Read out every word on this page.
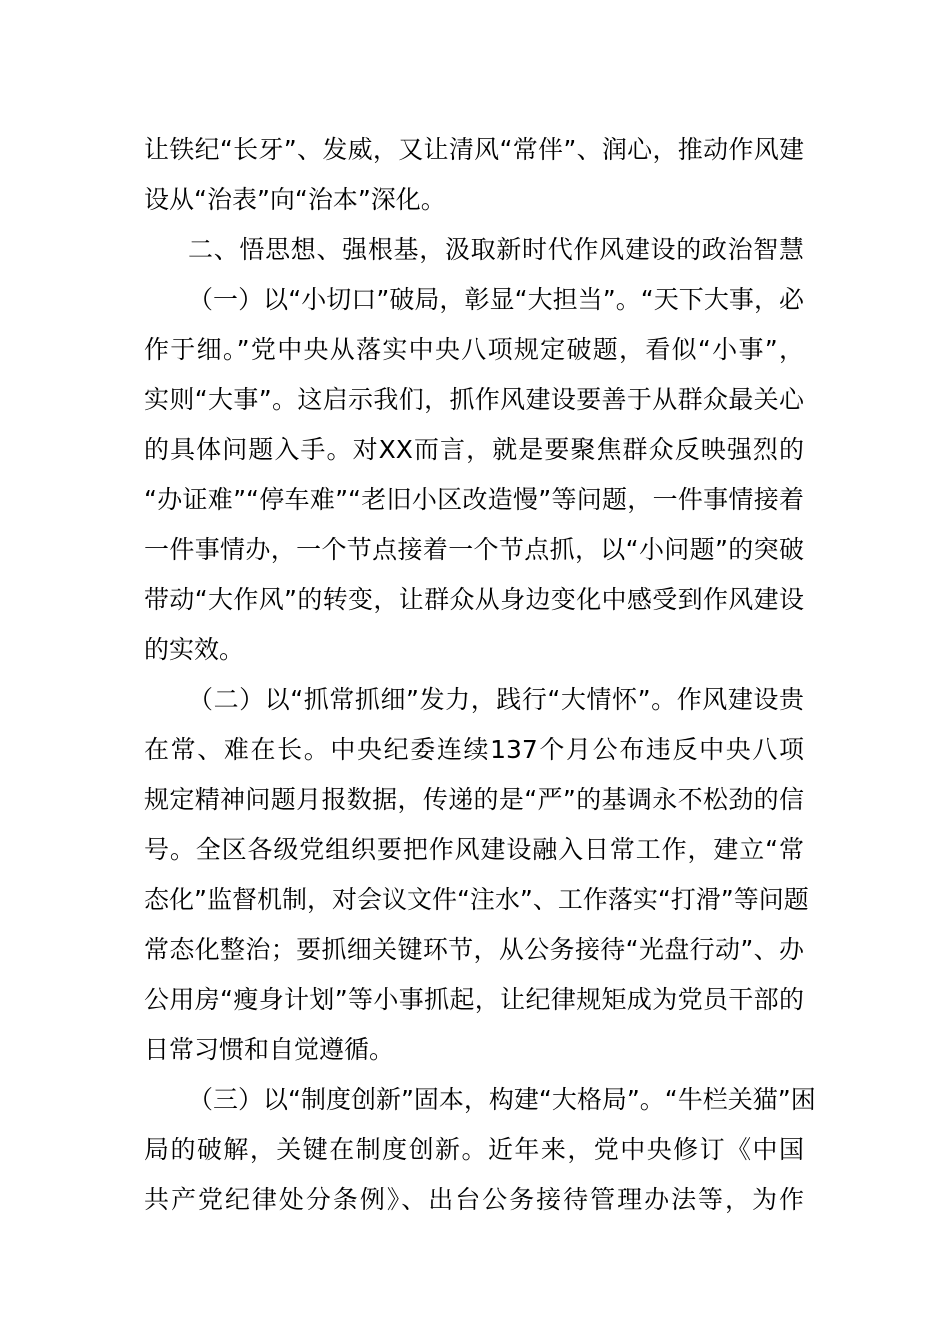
让铁纪“长牙”、发威，又让清风“常伴”、润心，推动作风建

设从“治表”向“治本”深化。

二、悟思想、强根基，汲取新时代作风建设的政治智慧

（一）以“小切口”破局，彰显“大担当”。“天下大事，必

作于细。”党中央从落实中央八项规定破题，看似“小事”，

实则“大事”。这启示我们，抓作风建设要善于从群众最关心

的具体问题入手。对XX而言，就是要聚焦群众反映强烈的

“办证难”“停车难”“老旧小区改造慢”等问题，一件事情接着

一件事情办，一个节点接着一个节点抓，以“小问题”的突破

带动“大作风”的转变，让群众从身边变化中感受到作风建设

的实效。

（二）以“抓常抓细”发力，践行“大情怀”。作风建设贵

在常、难在长。中央纪委连续137个月公布违反中央八项

规定精神问题月报数据，传递的是“严”的基调永不松劲的信

号。全区各级党组织要把作风建设融入日常工作，建立“常

态化”监督机制，对会议文件“注水”、工作落实“打滑”等问题

常态化整治；要抓细关键环节，从公务接待“光盘行动”、办

公用房“瘦身计划”等小事抓起，让纪律规矩成为党员干部的

日常习惯和自觉遵循。

（三）以“制度创新”固本，构建“大格局”。“牛栏关猫”困

局的破解，关键在制度创新。近年来，党中央修订《中国

共产党纪律处分条例》、出台公务接待管理办法等，为作
